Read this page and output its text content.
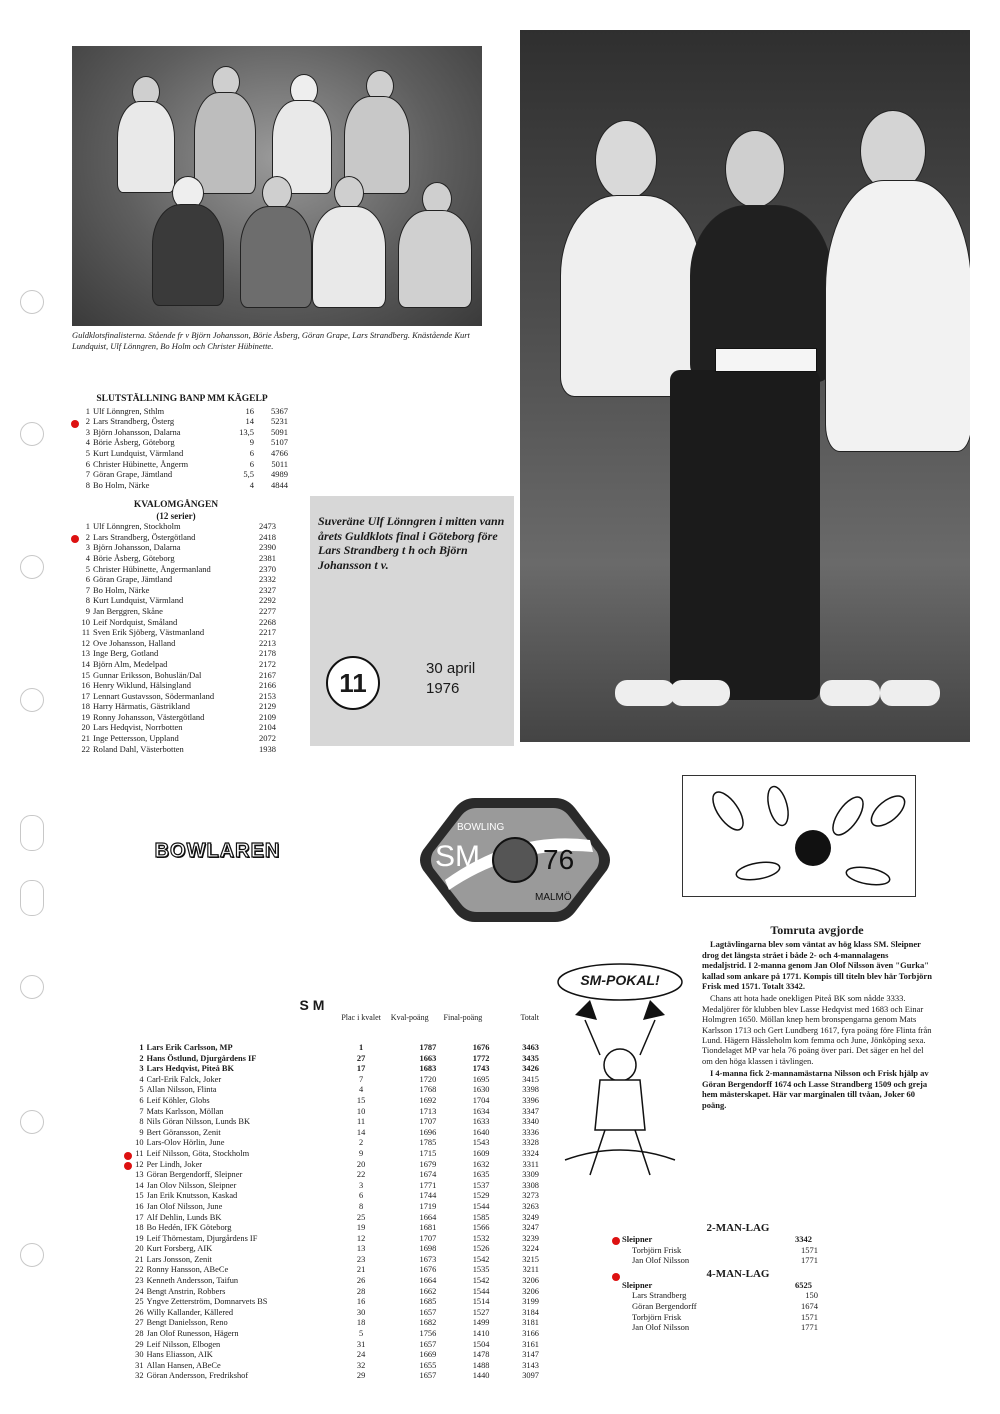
Guldklotsfinalisterna. Stående fr v Björn Johansson, Börie Åsberg, Göran Grape, Lars Strandberg. Knästående Kurt Lundquist, Ulf Lönngren, Bo Holm och Christer Hübinette.
SLUTSTÄLLNING BANP MM KÄGELP
1 Ulf Lönngren, Sthlm	16	5367
2 Lars Strandberg, Österg	14	5231
3 Björn Johansson, Dalarna	13,5	5091
4 Börie Åsberg, Göteborg	9	5107
5 Kurt Lundquist, Värmland	6	4766
6 Christer Hübinette, Ångerm	6	5011
7 Göran Grape, Jämtland	5,5	4989
8 Bo Holm, Närke	4	4844
KVALOMGÅNGEN
(12 serier)
1 Ulf Lönngren, Stockholm	2473
2 Lars Strandberg, Östergötland	2418
3 Björn Johansson, Dalarna	2390
4 Börie Åsberg, Göteborg	2381
5 Christer Hübinette, Ångermanland	2370
6 Göran Grape, Jämtland	2332
7 Bo Holm, Närke	2327
8 Kurt Lundquist, Värmland	2292
9 Jan Berggren, Skåne	2277
10 Leif Nordquist, Småland	2268
11 Sven Erik Sjöberg, Västmanland	2217
12 Ove Johansson, Halland	2213
13 Inge Berg, Gotland	2178
14 Björn Alm, Medelpad	2172
15 Gunnar Eriksson, Bohuslän/Dal	2167
16 Henry Wiklund, Hälsingland	2166
17 Lennart Gustavsson, Södermanland	2153
18 Harry Härmatis, Gästrikland	2129
19 Ronny Johansson, Västergötland	2109
20 Lars Hedqvist, Norrbotten	2104
21 Inge Pettersson, Uppland	2072
22 Roland Dahl, Västerbotten	1938
Suveräne Ulf Lönngren i mitten vann årets Guldklots final i Göteborg före Lars Strandberg t h och Björn Johansson t v.
11	30 april
1976
BOWLAREN
BOWLING
SM 76
MALMÖ
Tomruta avgjorde
Lagtävlingarna blev som väntat av hög klass SM. Sleipner drog det längsta strået i både 2- och 4-mannalagens medaljstrid. I 2-manna genom Jan Olof Nilsson även "Gurka" kallad som ankare på 1771. Kompis till titeln blev här Torbjörn Frisk med 1571. Totalt 3342.
Chans att hota hade onekligen Piteå BK som nådde 3333. Medaljörer för klubben blev Lasse Hedqvist med 1683 och Einar Holmgren 1650. Möllan knep hem bronspengarna genom Mats Karlsson 1713 och Gert Lundberg 1617, fyra poäng före Flinta från Lund. Hägern Hässleholm kom femma och June, Jönköping sexa. Tiondelaget MP var hela 76 poäng över pari. Det säger en hel del om den höga klassen i tävlingen.
I 4-manna fick 2-mannamästarna Nilsson och Frisk hjälp av Göran Bergendorff 1674 och Lasse Strandberg 1509 och greja hem mästerskapet. Här var marginalen till tvåan, Joker 60 poäng.
SM-POKAL!
S M
Plac i kvalet	Kval-poäng	Final-poäng	Totalt
1 Lars Erik Carlsson, MP	1	1787	1676	3463
2 Hans Östlund, Djurgårdens IF	27	1663	1772	3435
3 Lars Hedqvist, Piteå BK	17	1683	1743	3426
4 Carl-Erik Falck, Joker	7	1720	1695	3415
5 Allan Nilsson, Flinta	4	1768	1630	3398
6 Leif Köhler, Globs	15	1692	1704	3396
7 Mats Karlsson, Möllan	10	1713	1634	3347
8 Nils Göran Nilsson, Lunds BK	11	1707	1633	3340
9 Bert Göransson, Zenit	14	1696	1640	3336
10 Lars-Olov Hörlin, June	2	1785	1543	3328
11 Leif Nilsson, Göta, Stockholm	9	1715	1609	3324
12 Per Lindh, Joker	20	1679	1632	3311
13 Göran Bergendorff, Sleipner	22	1674	1635	3309
14 Jan Olov Nilsson, Sleipner	3	1771	1537	3308
15 Jan Erik Knutsson, Kaskad	6	1744	1529	3273
16 Jan Olof Nilsson, June	8	1719	1544	3263
17 Alf Dehlin, Lunds BK	25	1664	1585	3249
18 Bo Hedén, IFK Göteborg	19	1681	1566	3247
19 Leif Thörnestam, Djurgårdens IF	12	1707	1532	3239
20 Kurt Forsberg, AIK	13	1698	1526	3224
21 Lars Jonsson, Zenit	23	1673	1542	3215
22 Ronny Hansson, ABeCe	21	1676	1535	3211
23 Kenneth Andersson, Taifun	26	1664	1542	3206
24 Bengt Anstrin, Robbers	28	1662	1544	3206
25 Yngve Zetterström, Domnarvets BS	16	1685	1514	3199
26 Willy Kallander, Källered	30	1657	1527	3184
27 Bengt Danielsson, Reno	18	1682	1499	3181
28 Jan Olof Runesson, Hägern	5	1756	1410	3166
29 Leif Nilsson, Elbogen	31	1657	1504	3161
30 Hans Eliasson, AIK	24	1669	1478	3147
31 Allan Hansen, ABeCe	32	1655	1488	3143
32 Göran Andersson, Fredrikshof	29	1657	1440	3097
2-MAN-LAG
Sleipner	3342
Torbjörn Frisk	1571
Jan Olof Nilsson	1771
4-MAN-LAG
Sleipner	6525
Lars Strandberg	150
Göran Bergendorff	1674
Torbjörn Frisk	1571
Jan Olof Nilsson	1771
